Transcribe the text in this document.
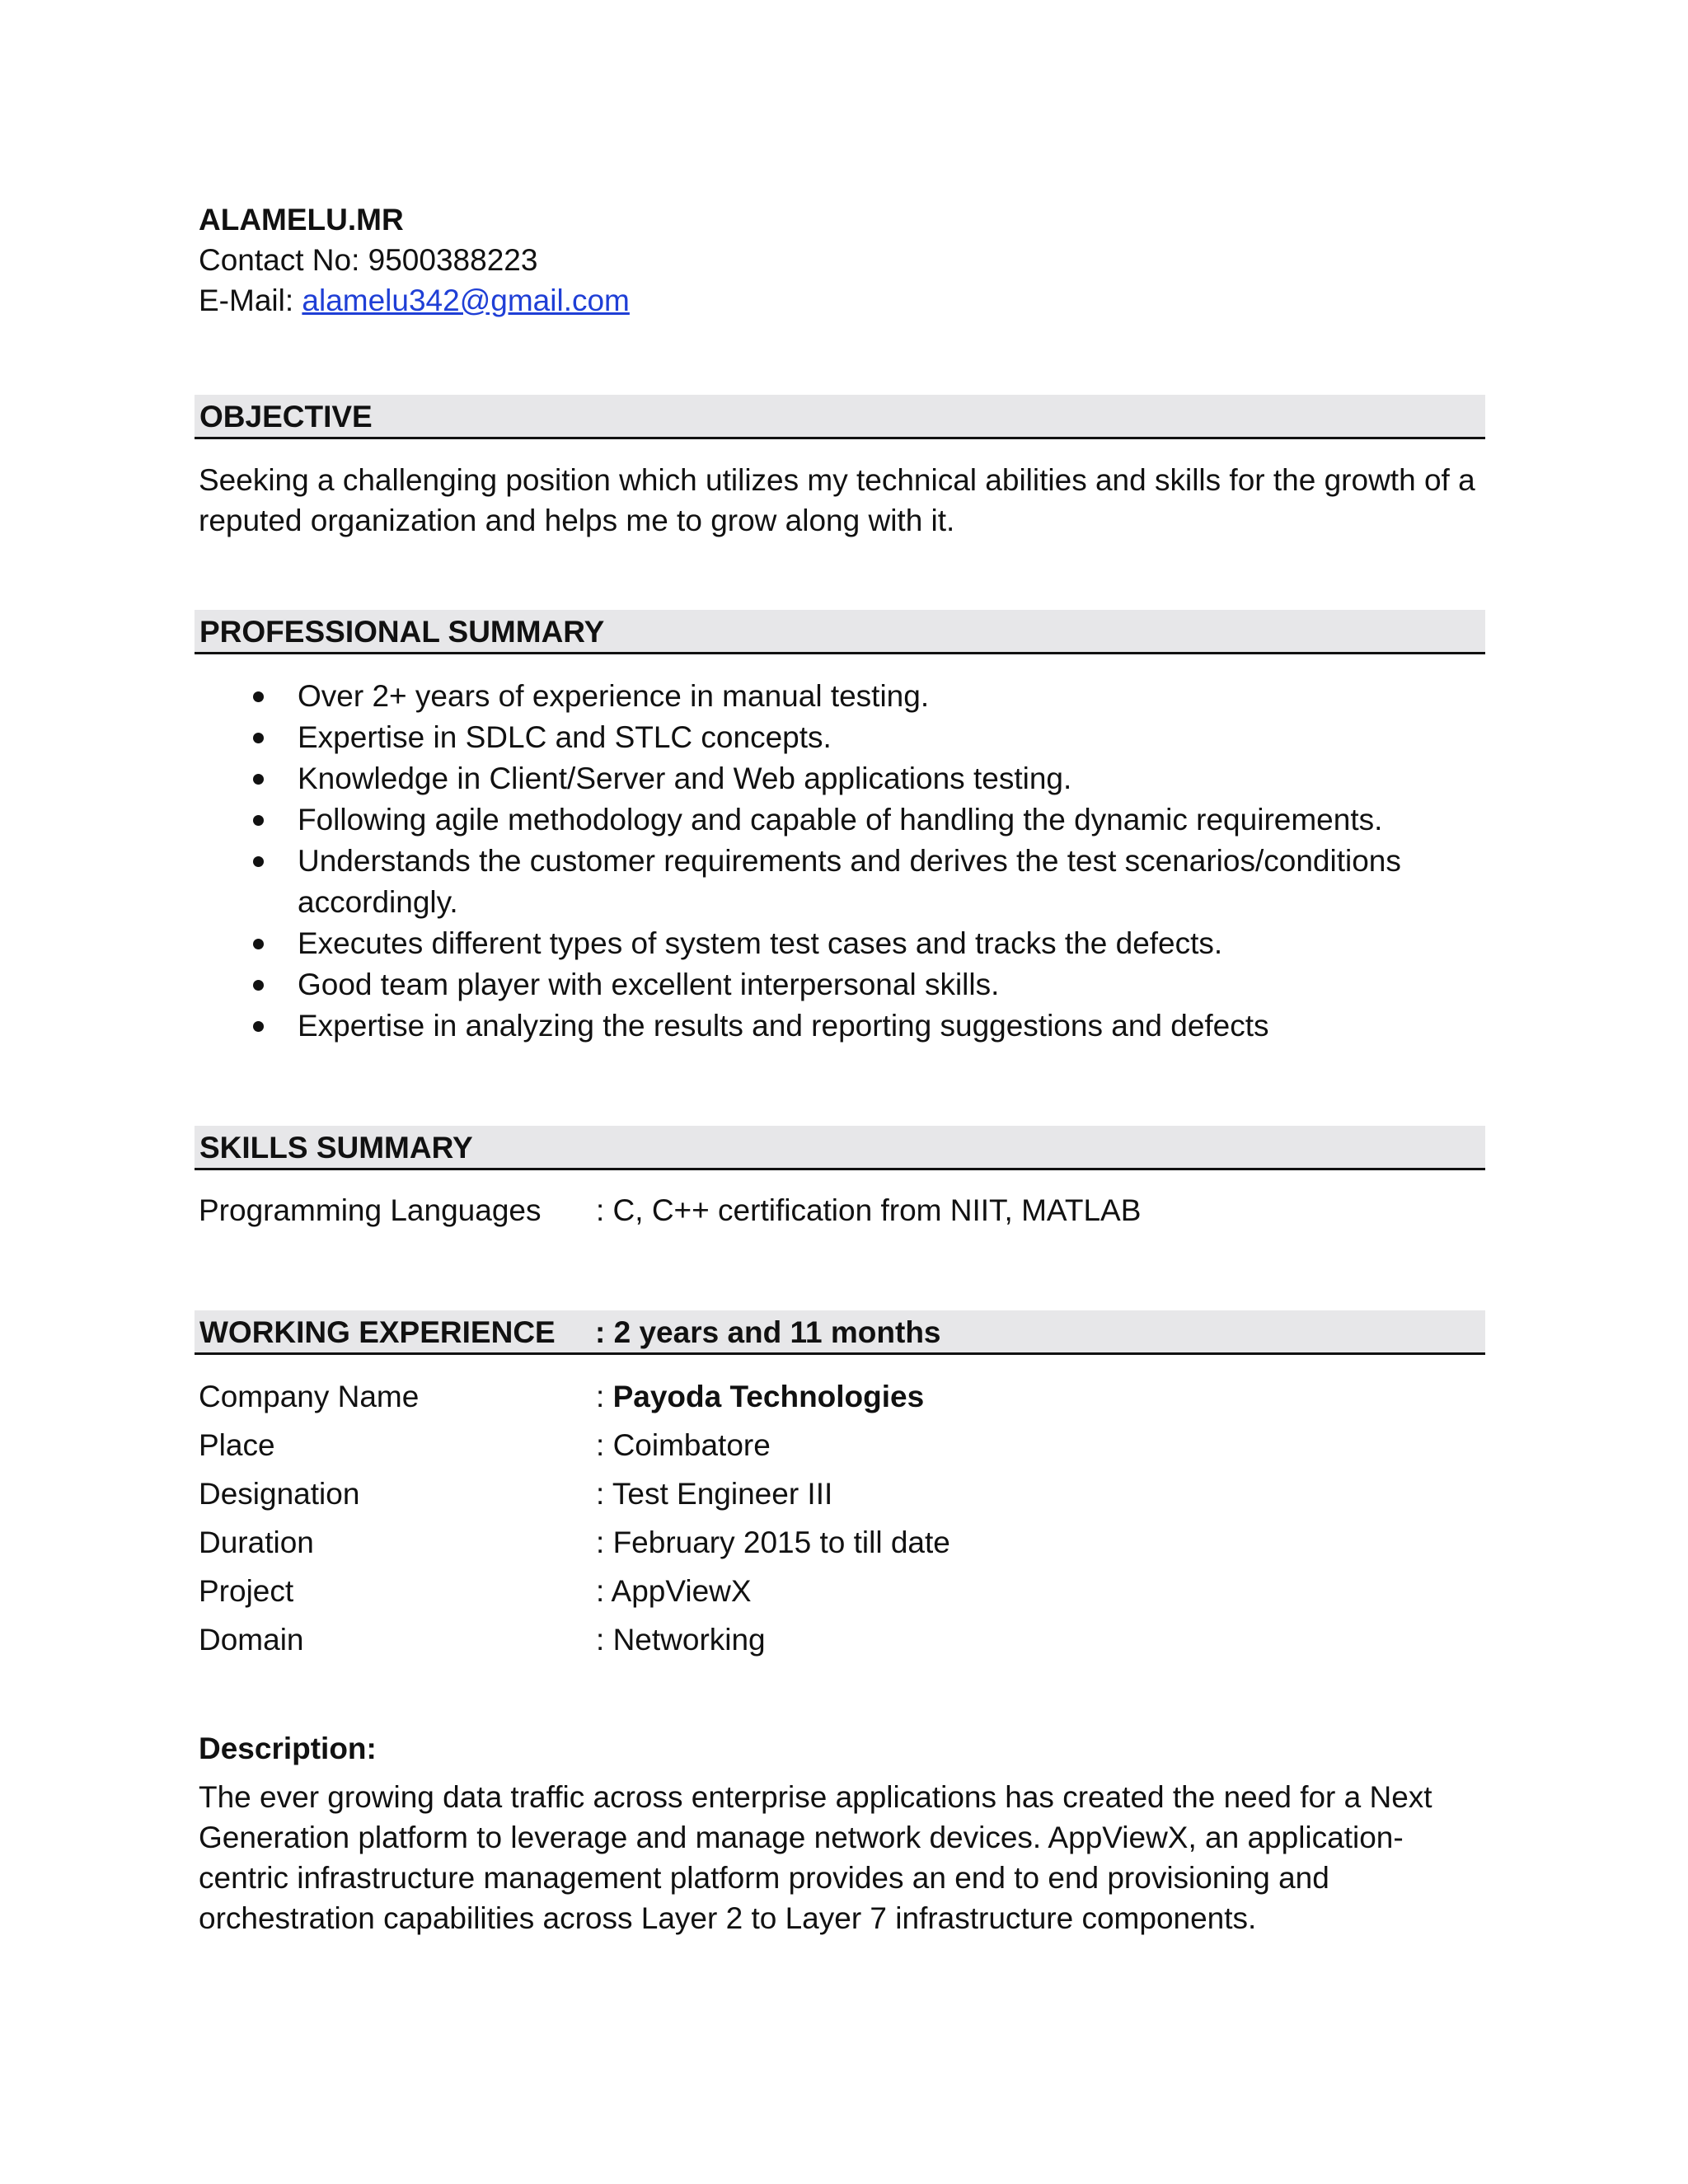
ALAMELU.MR
Contact No: 9500388223
E-Mail: alamelu342@gmail.com
OBJECTIVE
Seeking a challenging position which utilizes my technical abilities and skills for the growth of a
reputed organization and helps me to grow along with it.
PROFESSIONAL SUMMARY
Over 2+ years of experience in manual testing.
Expertise in SDLC and STLC concepts.
Knowledge in Client/Server and Web applications testing.
Following agile methodology and capable of handling the dynamic requirements.
Understands the customer requirements and derives the test scenarios/conditions
accordingly.
Executes different types of system test cases and tracks the defects.
Good team player with excellent interpersonal skills.
Expertise in analyzing the results and reporting suggestions and defects
SKILLS SUMMARY
Programming Languages : C, C++ certification from NIIT, MATLAB
WORKING EXPERIENCE : 2 years and 11 months
Company Name	: Payoda Technologies
Place	: Coimbatore
Designation	: Test Engineer III
Duration	: February 2015 to till date
Project	: AppViewX
Domain	: Networking
Description:
The ever growing data traffic across enterprise applications has created the need for a Next
Generation platform to leverage and manage network devices. AppViewX, an application-
centric infrastructure management platform provides an end to end provisioning and
orchestration capabilities across Layer 2 to Layer 7 infrastructure components.
